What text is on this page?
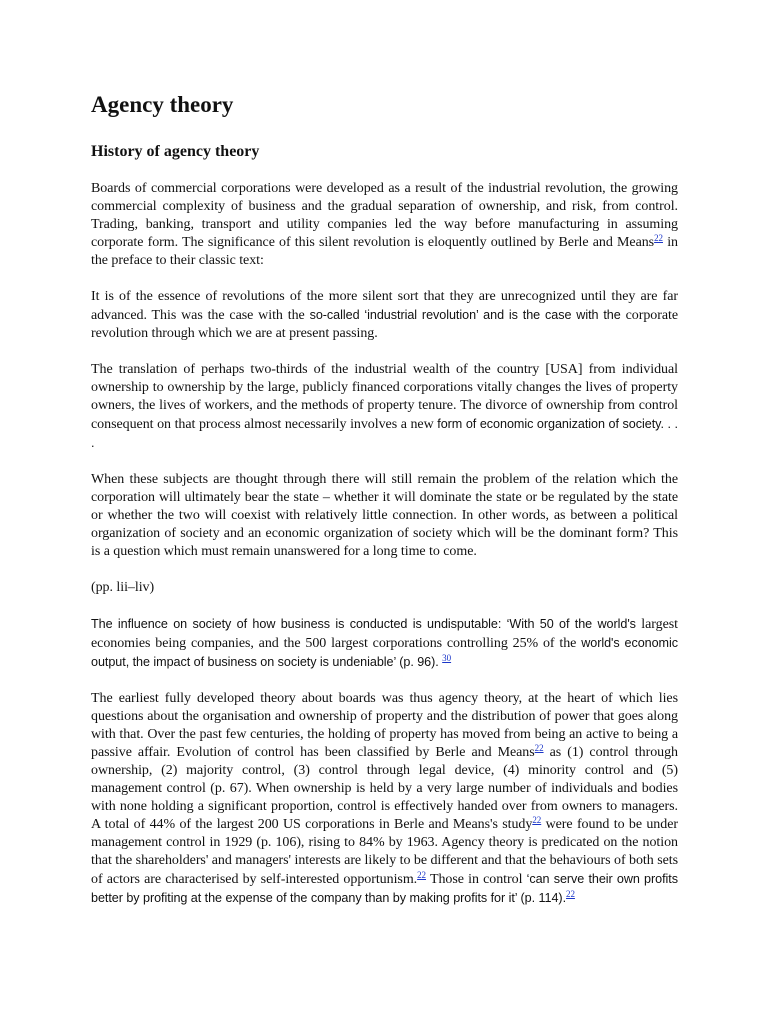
Agency theory
History of agency theory

Boards of commercial corporations were developed as a result of the industrial revolution, the growing commercial complexity of business and the gradual separation of ownership, and risk, from control. Trading, banking, transport and utility companies led the way before manufacturing in assuming corporate form. The significance of this silent revolution is eloquently outlined by Berle and Means$^{22}$ in the preface to their classic text:

It is of the essence of revolutions of the more silent sort that they are unrecognized until they are far advanced. This was the case with the so-called ‘industrial revolution’ and is the case with the corporate revolution through which we are at present passing.

The translation of perhaps two-thirds of the industrial wealth of the country [USA] from individual ownership to ownership by the large, publicly financed corporations vitally changes the lives of property owners, the lives of workers, and the methods of property tenure. The divorce of ownership from control consequent on that process almost necessarily involves a new form of economic organization of society. . . .

When these subjects are thought through there will still remain the problem of the relation which the corporation will ultimately bear the state – whether it will dominate the state or be regulated by the state or whether the two will coexist with relatively little connection. In other words, as between a political organization of society and an economic organization of society which will be the dominant form? This is a question which must remain unanswered for a long time to come.

(pp. lii–liv)

The influence on society of how business is conducted is undisputable: ‘With 50 of the world's largest economies being companies, and the 500 largest corporations controlling 25% of the world's economic output, the impact of business on society is undeniable’ (p. 96). $^{30}$

The earliest fully developed theory about boards was thus agency theory, at the heart of which lies questions about the organisation and ownership of property and the distribution of power that goes along with that. Over the past few centuries, the holding of property has moved from being an active to being a passive affair. Evolution of control has been classified by Berle and Means$^{22}$ as (1) control through ownership, (2) majority control, (3) control through legal device, (4) minority control and (5) management control (p. 67). When ownership is held by a very large number of individuals and bodies with none holding a significant proportion, control is effectively handed over from owners to managers. A total of 44% of the largest 200 US corporations in Berle and Means's study$^{22}$ were found to be under management control in 1929 (p. 106), rising to 84% by 1963. Agency theory is predicated on the notion that the shareholders' and managers' interests are likely to be different and that the behaviours of both sets of actors are characterised by self-interested opportunism.$^{22}$ Those in control ‘can serve their own profits better by profiting at the expense of the company than by making profits for it’ (p. 114).$^{22}$
